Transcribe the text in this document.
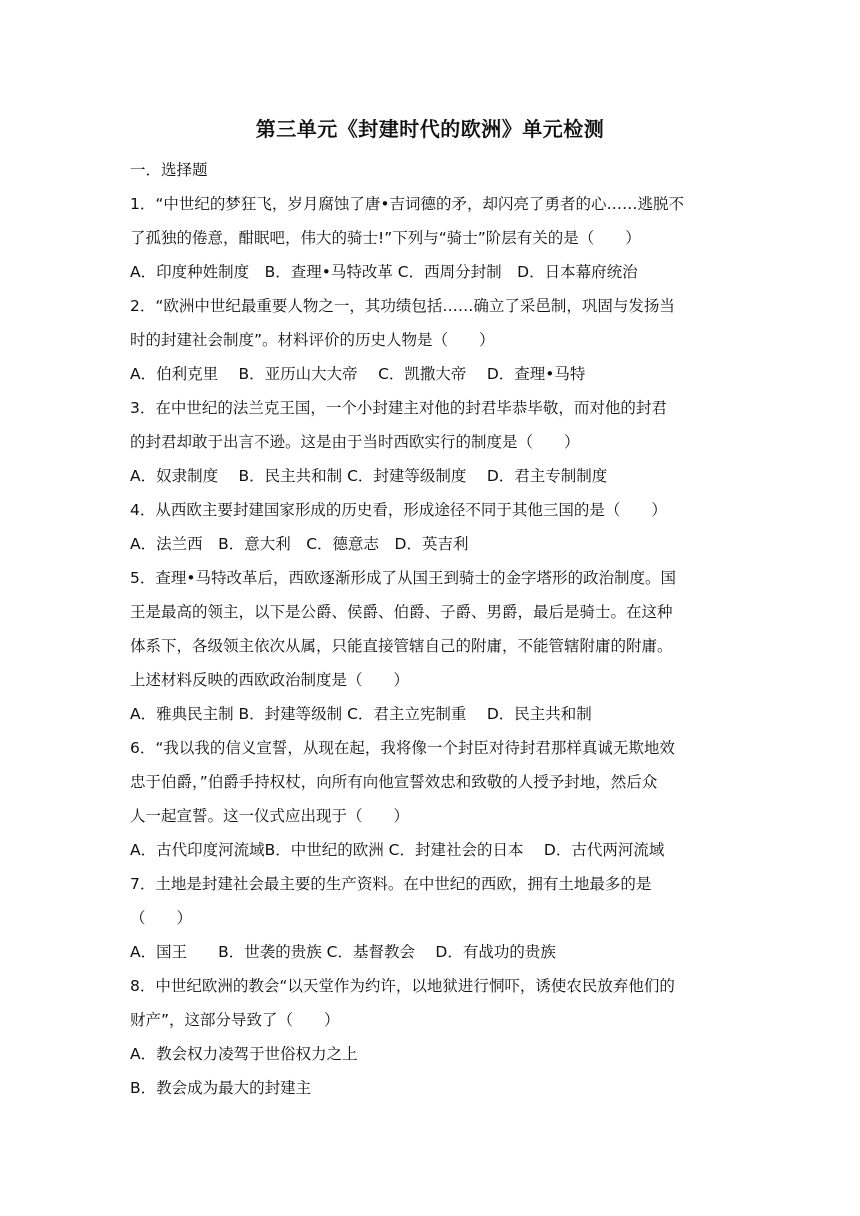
第三单元《封建时代的欧洲》单元检测
一．选择题
1．“中世纪的梦狂飞，岁月腐蚀了唐•吉词德的矛，却闪亮了勇者的心……逃脱不
了孤独的倦意，酣眠吧，伟大的骑士!”下列与“骑士”阶层有关的是（　　）
A．印度种姓制度　B．查理•马特改革 C．西周分封制　D．日本幕府统治
2．“欧洲中世纪最重要人物之一，其功绩包括……确立了采邑制，巩固与发扬当
时的封建社会制度”。材料评价的历史人物是（　　）
A．伯利克里　 B．亚历山大大帝　 C．凯撒大帝　 D．查理•马特
3．在中世纪的法兰克王国，一个小封建主对他的封君毕恭毕敬，而对他的封君
的封君却敢于出言不逊。这是由于当时西欧实行的制度是（　　）
A．奴隶制度　 B．民主共和制 C．封建等级制度　 D．君主专制制度
4．从西欧主要封建国家形成的历史看，形成途径不同于其他三国的是（　　）
A．法兰西　B．意大利　C．德意志　D．英吉利
5．查理•马特改革后，西欧逐渐形成了从国王到骑士的金字塔形的政治制度。国
王是最高的领主，以下是公爵、侯爵、伯爵、子爵、男爵，最后是骑士。在这种
体系下，各级领主依次从属，只能直接管辖自己的附庸，不能管辖附庸的附庸。
上述材料反映的西欧政治制度是（　　）
A．雅典民主制 B．封建等级制 C．君主立宪制重　 D．民主共和制
6．“我以我的信义宣誓，从现在起，我将像一个封臣对待封君那样真诚无欺地效
忠于伯爵，”伯爵手持权杖，向所有向他宣誓效忠和致敬的人授予封地，然后众
人一起宣誓。这一仪式应出现于（　　）
A．古代印度河流域B．中世纪的欧洲 C．封建社会的日本　 D．古代两河流域
7．土地是封建社会最主要的生产资料。在中世纪的西欧，拥有土地最多的是
（　　）
A．国王　　B．世袭的贵族 C．基督教会　 D．有战功的贵族
8．中世纪欧洲的教会“以天堂作为约许，以地狱进行恫吓，诱使农民放弃他们的
财产”，这部分导致了（　　）
A．教会权力凌驾于世俗权力之上
B．教会成为最大的封建主
